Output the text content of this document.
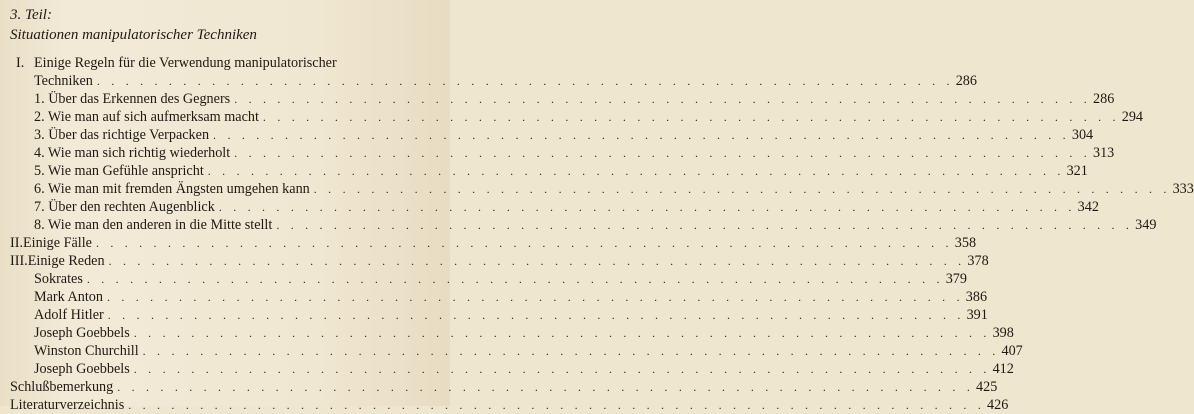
3. Teil:
Situationen manipulatorischer Techniken
I. Einige Regeln für die Verwendung manipulatorischer
Techniken . . . . . . . . . . . . . . . . . . . . . . . . . . . . . . . . . . . . . . . . . . . . . . . . . . . . . . . . . . . . 286
1. Über das Erkennen des Gegners . . . . . . . . . . . . . . . . . . . . . . . . . . . . . . . . . . . . . . . . . . . . . . . . . . . . . . . . . . . . 286
2. Wie man auf sich aufmerksam macht . . . . . . . . . . . . . . . . . . . . . . . . . . . . . . . . . . . . . . . . . . . . . . . . . . . . . . . . . . . . 294
3. Über das richtige Verpacken . . . . . . . . . . . . . . . . . . . . . . . . . . . . . . . . . . . . . . . . . . . . . . . . . . . . . . . . . . . . 304
4. Wie man sich richtig wiederholt . . . . . . . . . . . . . . . . . . . . . . . . . . . . . . . . . . . . . . . . . . . . . . . . . . . . . . . . . . . . 313
5. Wie man Gefühle anspricht . . . . . . . . . . . . . . . . . . . . . . . . . . . . . . . . . . . . . . . . . . . . . . . . . . . . . . . . . . . . 321
6. Wie man mit fremden Ängsten umgehen kann . . . . . . . . . . . . . . . . . . . . . . . . . . . . . . . . . . . . . . . . . . . . . . . . . . . . . . . . . . . . 333
7. Über den rechten Augenblick . . . . . . . . . . . . . . . . . . . . . . . . . . . . . . . . . . . . . . . . . . . . . . . . . . . . . . . . . . . . 342
8. Wie man den anderen in die Mitte stellt . . . . . . . . . . . . . . . . . . . . . . . . . . . . . . . . . . . . . . . . . . . . . . . . . . . . . . . . . . . . 349
II. Einige Fälle . . . . . . . . . . . . . . . . . . . . . . . . . . . . . . . . . . . . . . . . . . . . . . . . . . . . . . . . . . . . 358
III. Einige Reden . . . . . . . . . . . . . . . . . . . . . . . . . . . . . . . . . . . . . . . . . . . . . . . . . . . . . . . . . . . . 378
Sokrates . . . . . . . . . . . . . . . . . . . . . . . . . . . . . . . . . . . . . . . . . . . . . . . . . . . . . . . . . . . . 379
Mark Anton . . . . . . . . . . . . . . . . . . . . . . . . . . . . . . . . . . . . . . . . . . . . . . . . . . . . . . . . . . . . 386
Adolf Hitler . . . . . . . . . . . . . . . . . . . . . . . . . . . . . . . . . . . . . . . . . . . . . . . . . . . . . . . . . . . . 391
Joseph Goebbels . . . . . . . . . . . . . . . . . . . . . . . . . . . . . . . . . . . . . . . . . . . . . . . . . . . . . . . . . . . . 398
Winston Churchill . . . . . . . . . . . . . . . . . . . . . . . . . . . . . . . . . . . . . . . . . . . . . . . . . . . . . . . . . . . . 407
Joseph Goebbels . . . . . . . . . . . . . . . . . . . . . . . . . . . . . . . . . . . . . . . . . . . . . . . . . . . . . . . . . . . . 412
Schlußbemerkung . . . . . . . . . . . . . . . . . . . . . . . . . . . . . . . . . . . . . . . . . . . . . . . . . . . . . . . . . . . . 425
Literaturverzeichnis . . . . . . . . . . . . . . . . . . . . . . . . . . . . . . . . . . . . . . . . . . . . . . . . . . . . . . . . . . . . 426
